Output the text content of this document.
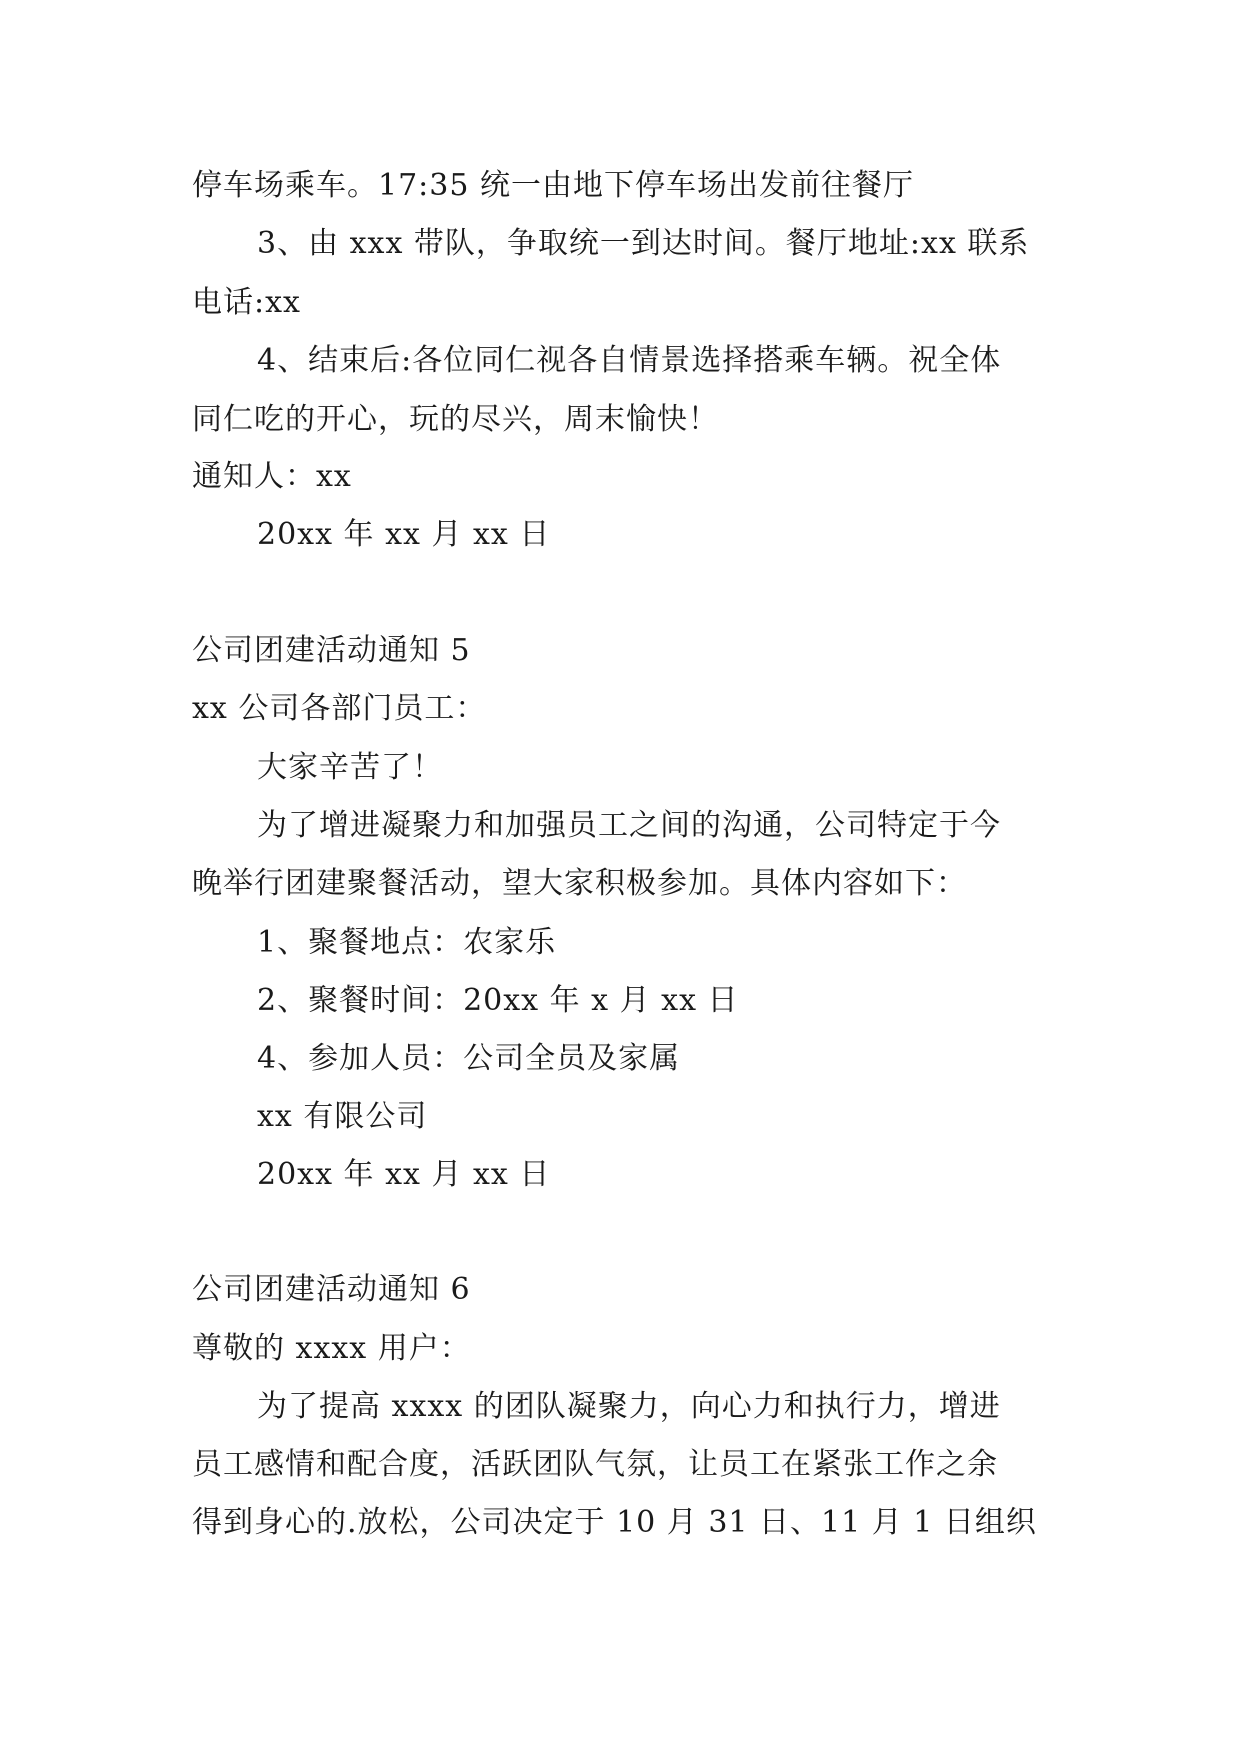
停车场乘车。17:35 统一由地下停车场出发前往餐厅
3、由 xxx 带队，争取统一到达时间。餐厅地址:xx 联系
电话:xx
4、结束后:各位同仁视各自情景选择搭乘车辆。祝全体
同仁吃的开心，玩的尽兴，周末愉快！
通知人：xx
20xx 年 xx 月 xx 日
公司团建活动通知 5
xx 公司各部门员工：
大家辛苦了！
为了增进凝聚力和加强员工之间的沟通，公司特定于今
晚举行团建聚餐活动，望大家积极参加。具体内容如下：
1、聚餐地点：农家乐
2、聚餐时间：20xx 年 x 月 xx 日
4、参加人员：公司全员及家属
xx 有限公司
20xx 年 xx 月 xx 日
公司团建活动通知 6
尊敬的 xxxx 用户：
为了提高 xxxx 的团队凝聚力，向心力和执行力，增进
员工感情和配合度，活跃团队气氛，让员工在紧张工作之余
得到身心的.放松，公司决定于 10 月 31 日、11 月 1 日组织
